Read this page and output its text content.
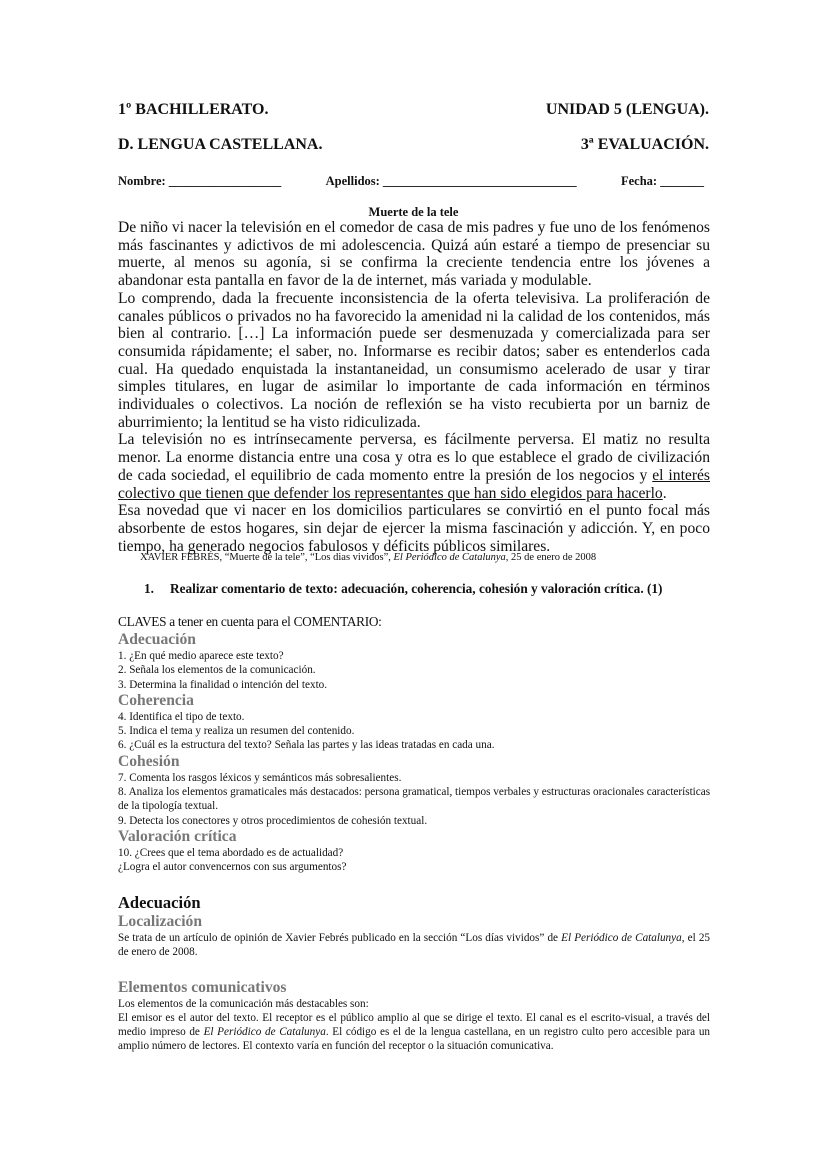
1º BACHILLERATO.	UNIDAD 5 (LENGUA).
D. LENGUA CASTELLANA.	3ª EVALUACIÓN.
Nombre: __________________	Apellidos: _______________________________	Fecha: _______
Muerte de la tele

De niño vi nacer la televisión en el comedor de casa de mis padres y fue uno de los fenómenos más fascinantes y adictivos de mi adolescencia. Quizá aún estaré a tiempo de presenciar su muerte, al menos su agonía, si se confirma la creciente tendencia entre los jóvenes a abandonar esta pantalla en favor de la de internet, más variada y modulable.

Lo comprendo, dada la frecuente inconsistencia de la oferta televisiva. La proliferación de canales públicos o privados no ha favorecido la amenidad ni la calidad de los contenidos, más bien al contrario. […] La información puede ser desmenuzada y comercializada para ser consumida rápidamente; el saber, no. Informarse es recibir datos; saber es entenderlos cada cual. Ha quedado enquistada la instantaneidad, un consumismo acelerado de usar y tirar simples titulares, en lugar de asimilar lo importante de cada información en términos individuales o colectivos. La noción de reflexión se ha visto recubierta por un barniz de aburrimiento; la lentitud se ha visto ridiculizada.

La televisión no es intrínsecamente perversa, es fácilmente perversa. El matiz no resulta menor. La enorme distancia entre una cosa y otra es lo que establece el grado de civilización de cada sociedad, el equilibrio de cada momento entre la presión de los negocios y el interés colectivo que tienen que defender los representantes que han sido elegidos para hacerlo.

Esa novedad que vi nacer en los domicilios particulares se convirtió en el punto focal más absorbente de estos hogares, sin dejar de ejercer la misma fascinación y adicción. Y, en poco tiempo, ha generado negocios fabulosos y déficits públicos similares.

XAVIER FEBRÉS, “Muerte de la tele”, “Los dias vividos”, El Periódico de Catalunya, 25 de enero de 2008
1. Realizar comentario de texto: adecuación, coherencia, cohesión y valoración crítica. (1)
CLAVES a tener en cuenta para el COMENTARIO:
Adecuación
1. ¿En qué medio aparece este texto?
2. Señala los elementos de la comunicación.
3. Determina la finalidad o intención del texto.
Coherencia
4. Identifica el tipo de texto.
5. Indica el tema y realiza un resumen del contenido.
6. ¿Cuál es la estructura del texto? Señala las partes y las ideas tratadas en cada una.
Cohesión
7. Comenta los rasgos léxicos y semánticos más sobresalientes.
8. Analiza los elementos gramaticales más destacados: persona gramatical, tiempos verbales y estructuras oracionales características de la tipología textual.
9. Detecta los conectores y otros procedimientos de cohesión textual.
Valoración crítica
10. ¿Crees que el tema abordado es de actualidad?
¿Logra el autor convencernos con sus argumentos?
Adecuación
Localización
Se trata de un artículo de opinión de Xavier Febrés publicado en la sección “Los días vividos” de El Periódico de Catalunya, el 25 de enero de 2008.
Elementos comunicativos
Los elementos de la comunicación más destacables son:
El emisor es el autor del texto. El receptor es el público amplio al que se dirige el texto. El canal es el escrito-visual, a través del medio impreso de El Periódico de Catalunya. El código es el de la lengua castellana, en un registro culto pero accesible para un amplio número de lectores. El contexto varía en función del receptor o la situación comunicativa.
